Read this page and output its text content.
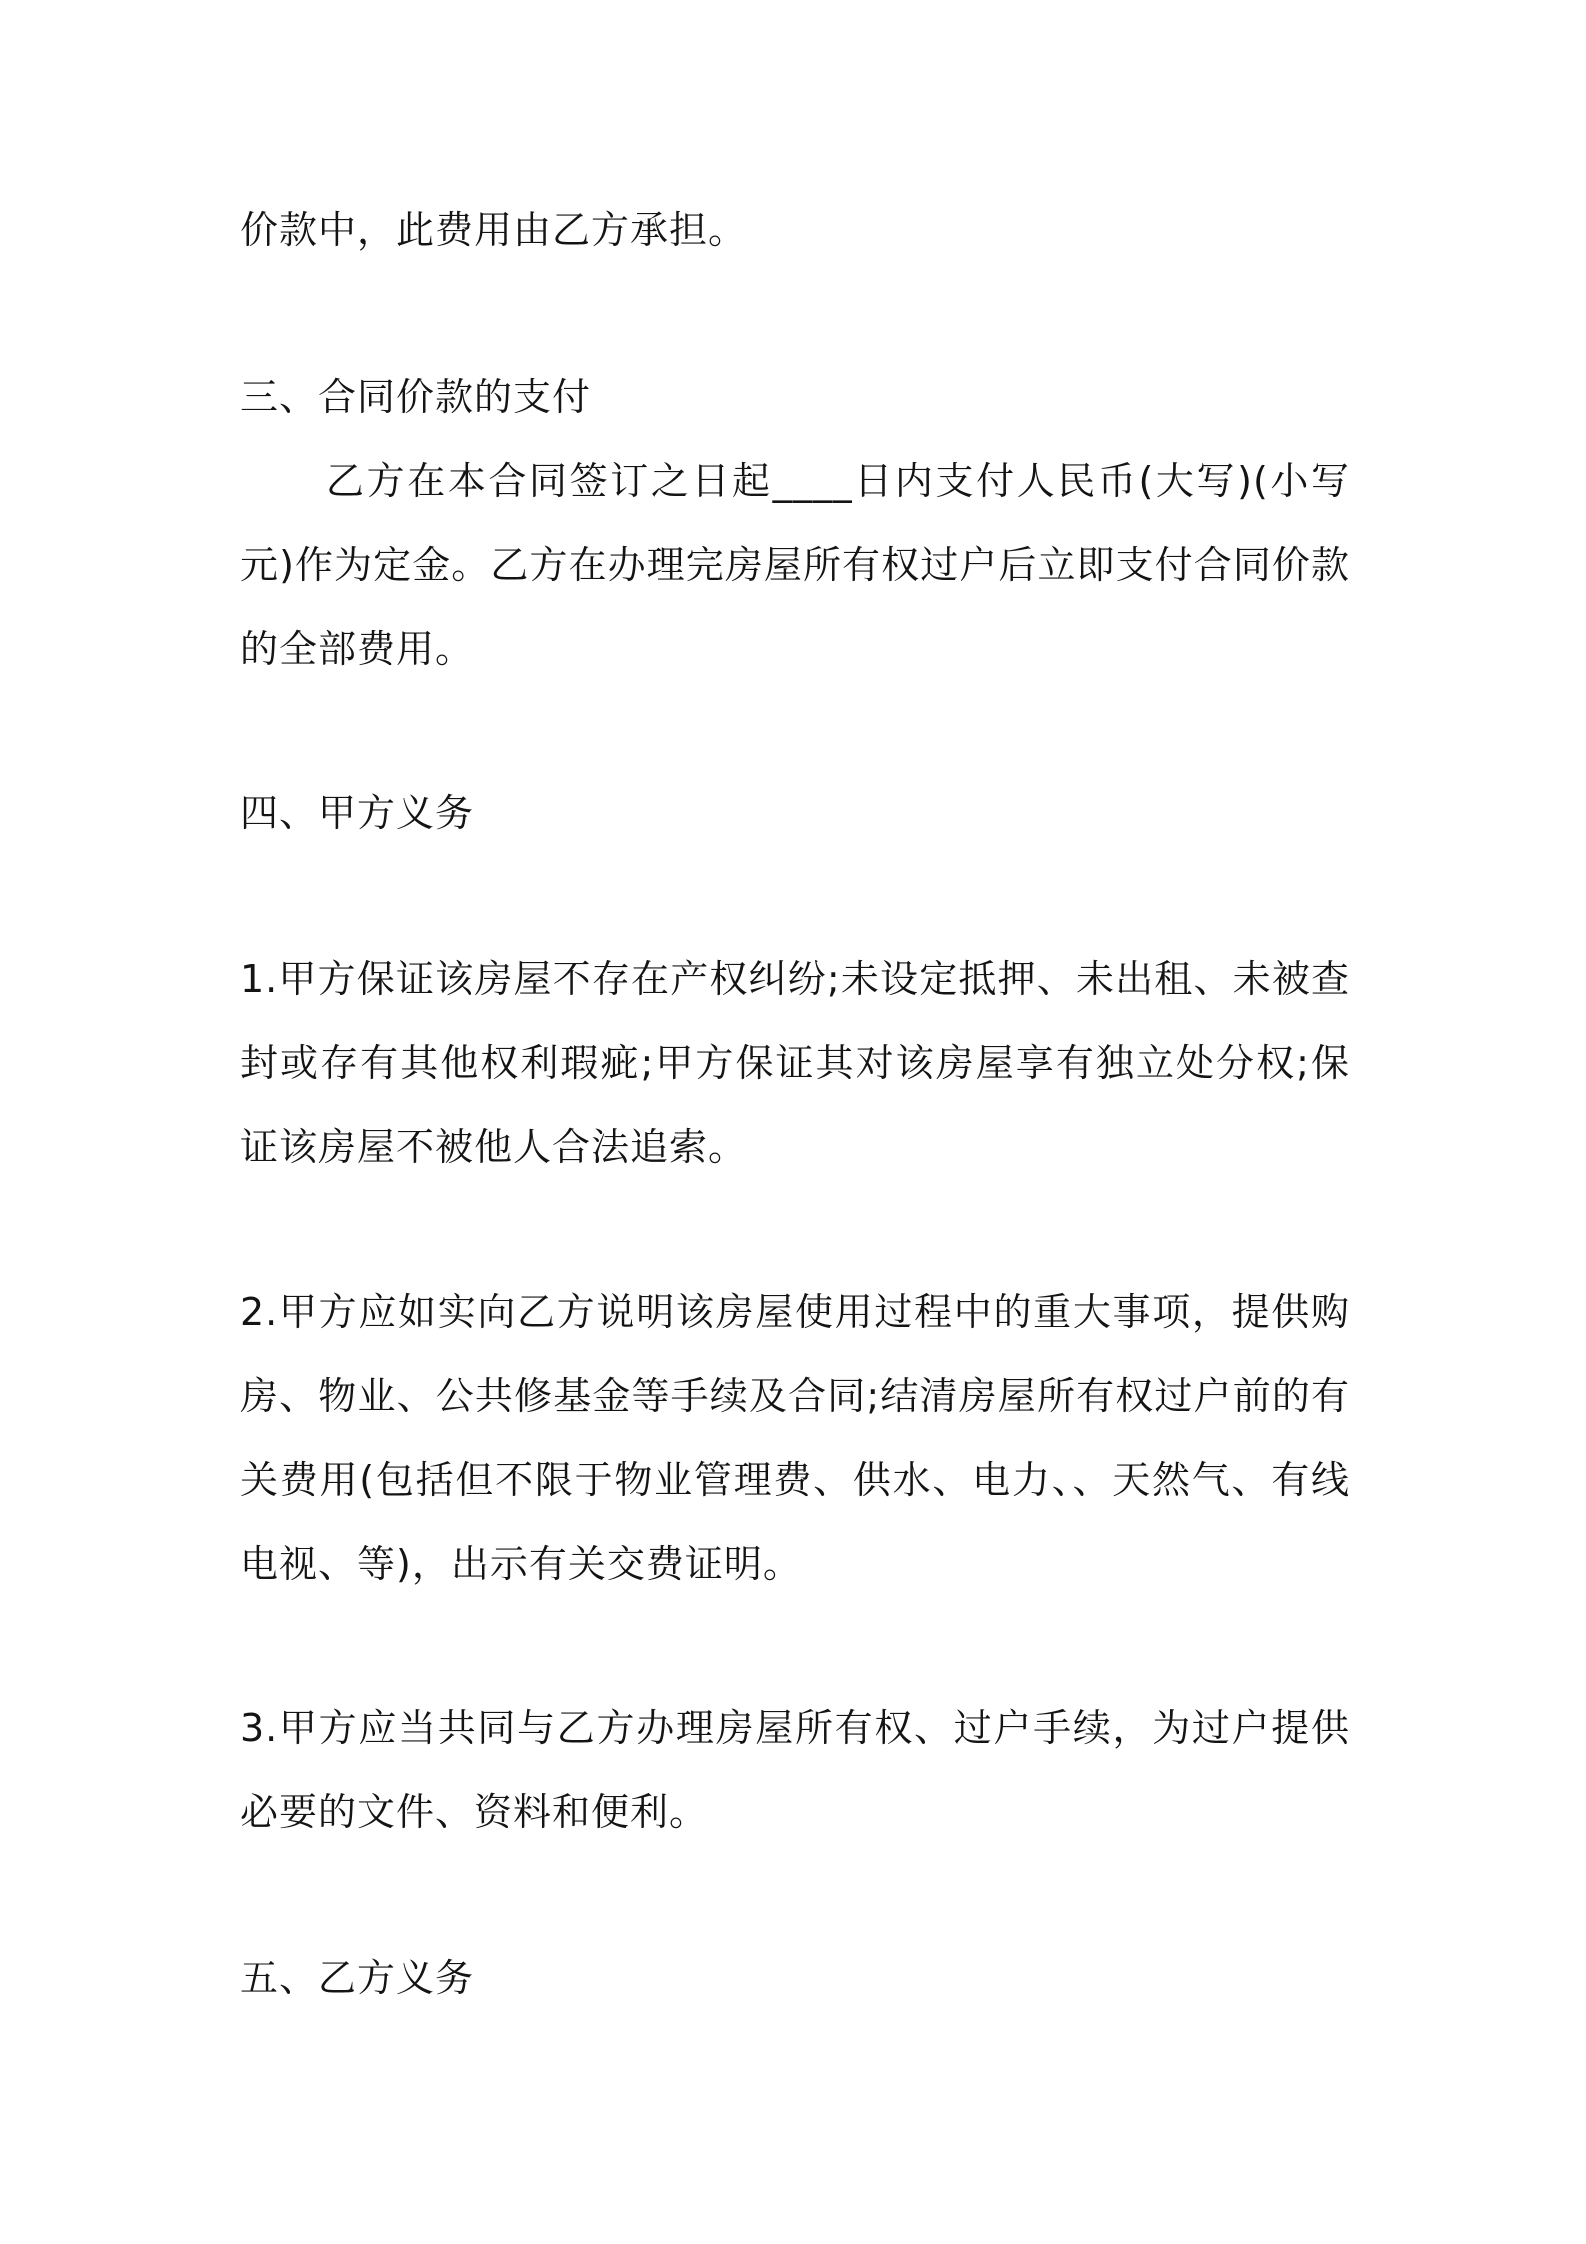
价款中，此费用由乙方承担。

三、合同价款的支付

乙方在本合同签订之日起____日内支付人民币(大写)(小写元)作为定金。乙方在办理完房屋所有权过户后立即支付合同价款的全部费用。

四、甲方义务

1.甲方保证该房屋不存在产权纠纷;未设定抵押、未出租、未被查封或存有其他权利瑕疵;甲方保证其对该房屋享有独立处分权;保证该房屋不被他人合法追索。

2.甲方应如实向乙方说明该房屋使用过程中的重大事项，提供购房、物业、公共修基金等手续及合同;结清房屋所有权过户前的有关费用(包括但不限于物业管理费、供水、电力、、天然气、有线电视、等)，出示有关交费证明。

3.甲方应当共同与乙方办理房屋所有权、过户手续，为过户提供必要的文件、资料和便利。

五、乙方义务
